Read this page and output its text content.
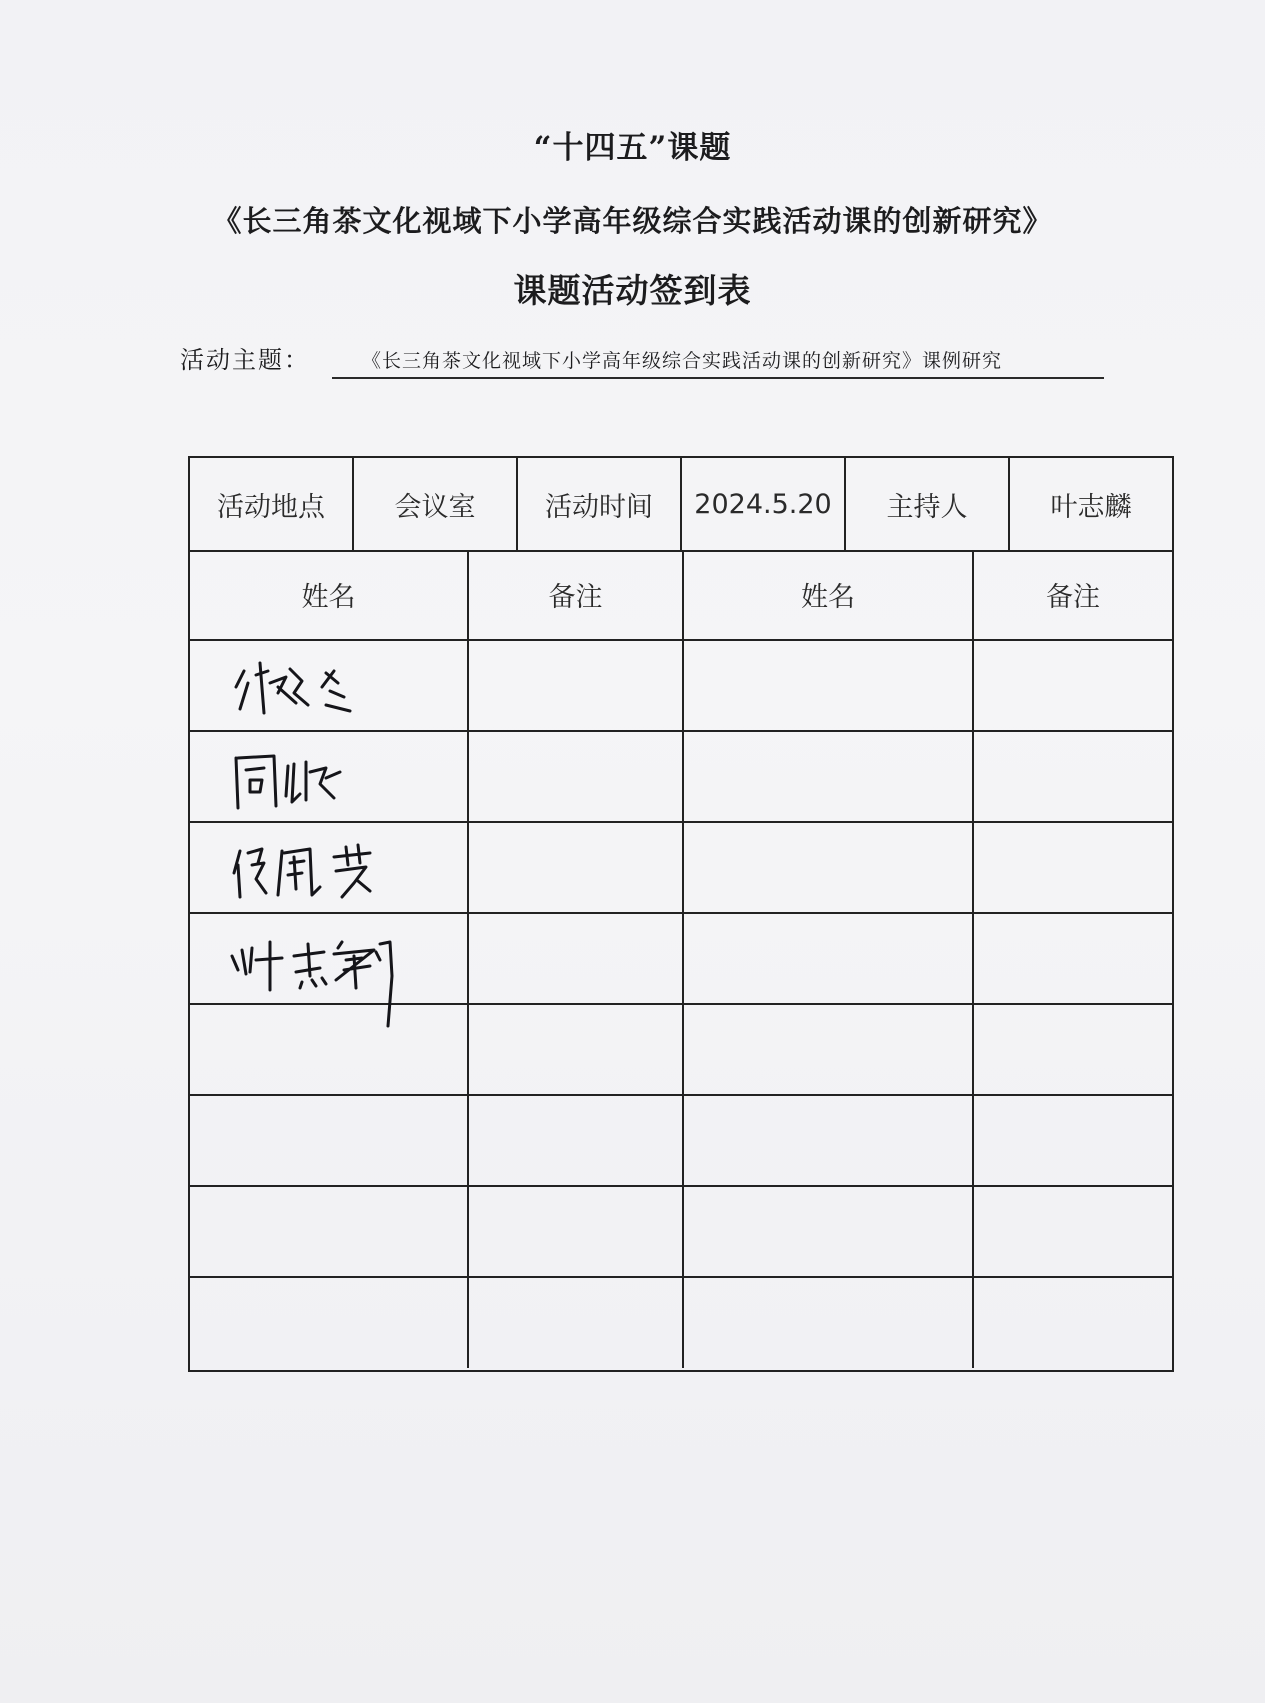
“十四五”课题
《长三角茶文化视域下小学高年级综合实践活动课的创新研究》
课题活动签到表
活动主题：	《长三角茶文化视域下小学高年级综合实践活动课的创新研究》课例研究
活动地点	会议室	活动时间	2024.5.20	主持人	叶志麟
姓名	备注	姓名	备注
